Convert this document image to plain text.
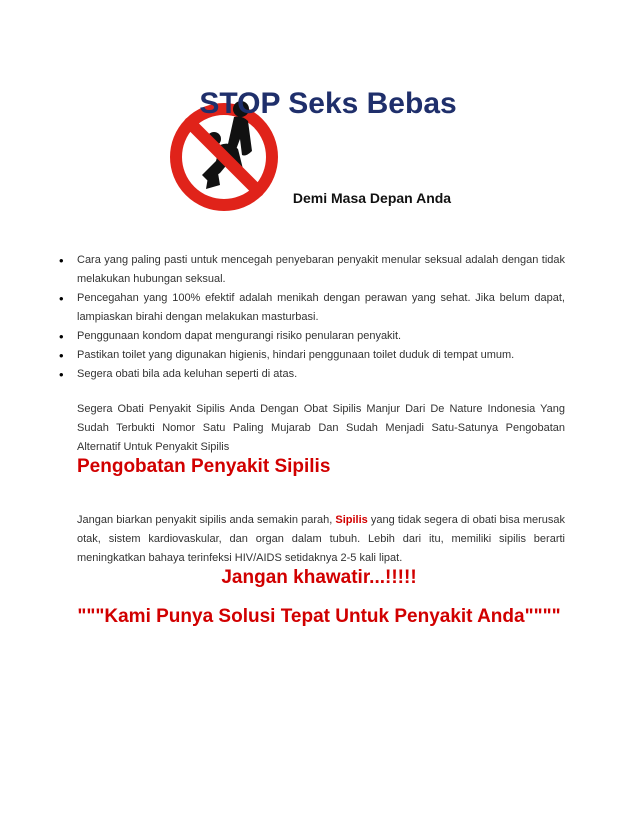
STOP Seks Bebas
Demi Masa Depan Anda
• Cara yang paling pasti untuk mencegah penyebaran penyakit menular seksual adalah dengan tidak melakukan hubungan seksual.
• Pencegahan yang 100% efektif adalah menikah dengan perawan yang sehat. Jika belum dapat, lampiaskan birahi dengan melakukan masturbasi.
• Penggunaan kondom dapat mengurangi risiko penularan penyakit.
• Pastikan toilet yang digunakan higienis, hindari penggunaan toilet duduk di tempat umum.
• Segera obati bila ada keluhan seperti di atas.

Segera Obati Penyakit Sipilis Anda Dengan Obat Sipilis Manjur Dari De Nature Indonesia Yang Sudah Terbukti Nomor Satu Paling Mujarab Dan Sudah Menjadi Satu-Satunya Pengobatan Alternatif Untuk Penyakit Sipilis

Pengobatan Penyakit Sipilis

Jangan biarkan penyakit sipilis anda semakin parah, Sipilis yang tidak segera di obati bisa merusak otak, sistem kardiovaskular, dan organ dalam tubuh. Lebih dari itu, memiliki sipilis berarti meningkatkan bahaya terinfeksi HIV/AIDS setidaknya 2-5 kali lipat.

Jangan khawatir...!!!!!

"""Kami Punya Solusi Tepat Untuk Penyakit Anda""""
